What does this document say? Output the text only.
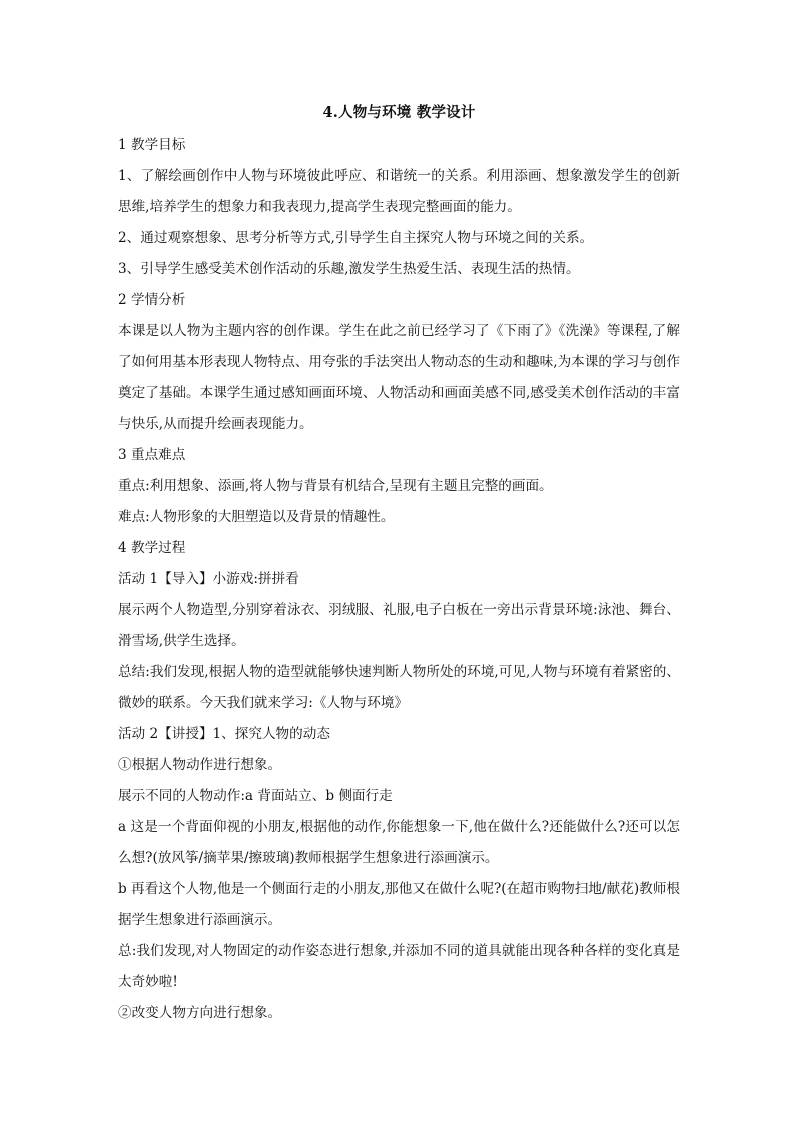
4.人物与环境 教学设计

1 教学目标

1、了解绘画创作中人物与环境彼此呼应、和谐统一的关系。利用添画、想象激发学生的创新思维,培养学生的想象力和我表现力,提高学生表现完整画面的能力。

2、通过观察想象、思考分析等方式,引导学生自主探究人物与环境之间的关系。

3、引导学生感受美术创作活动的乐趣,激发学生热爱生活、表现生活的热情。

2 学情分析

本课是以人物为主题内容的创作课。学生在此之前已经学习了《下雨了》《洗澡》等课程,了解了如何用基本形表现人物特点、用夸张的手法突出人物动态的生动和趣味,为本课的学习与创作奠定了基础。本课学生通过感知画面环境、人物活动和画面美感不同,感受美术创作活动的丰富与快乐,从而提升绘画表现能力。

3 重点难点

重点:利用想象、添画,将人物与背景有机结合,呈现有主题且完整的画面。

难点:人物形象的大胆塑造以及背景的情趣性。

4 教学过程

活动 1【导入】小游戏:拼拼看

展示两个人物造型,分别穿着泳衣、羽绒服、礼服,电子白板在一旁出示背景环境:泳池、舞台、滑雪场,供学生选择。

总结:我们发现,根据人物的造型就能够快速判断人物所处的环境,可见,人物与环境有着紧密的、微妙的联系。今天我们就来学习:《人物与环境》

活动 2【讲授】1、探究人物的动态

①根据人物动作进行想象。

展示不同的人物动作:a 背面站立、b 侧面行走

a 这是一个背面仰视的小朋友,根据他的动作,你能想象一下,他在做什么?还能做什么?还可以怎么想?(放风筝/摘苹果/擦玻璃)教师根据学生想象进行添画演示。

b 再看这个人物,他是一个侧面行走的小朋友,那他又在做什么呢?(在超市购物扫地/献花)教师根据学生想象进行添画演示。

总:我们发现,对人物固定的动作姿态进行想象,并添加不同的道具就能出现各种各样的变化真是太奇妙啦!

②改变人物方向进行想象。
